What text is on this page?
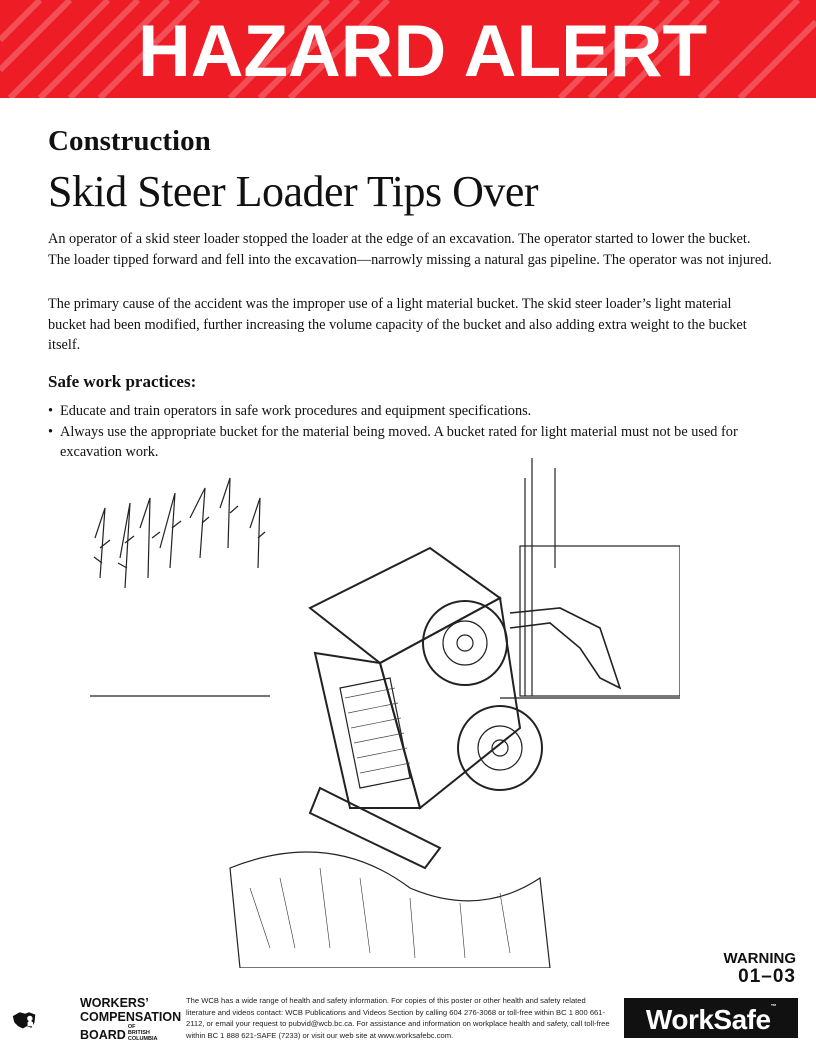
HAZARD ALERT
Construction
Skid Steer Loader Tips Over

An operator of a skid steer loader stopped the loader at the edge of an excavation. The operator started to lower the bucket. The loader tipped forward and fell into the excavation—narrowly missing a natural gas pipeline. The operator was not injured.

The primary cause of the accident was the improper use of a light material bucket. The skid steer loader’s light material bucket had been modified, further increasing the volume capacity of the bucket and also adding extra weight to the bucket itself.

Safe work practices:
• Educate and train operators in safe work procedures and equipment specifications.
• Always use the appropriate bucket for the material being moved. A bucket rated for light material must not be used for excavation work.
WARNING
01–03
WORKERS’
COMPENSATION
BOARDOF BRITISH COLUMBIA
The WCB has a wide range of health and safety information. For copies of this poster or other health and safety related literature and videos contact: WCB Publications and Videos Section by calling 604 276-3068 or toll-free within BC 1 800 661-2112, or email your request to pubvid@wcb.bc.ca. For assistance and information on workplace health and safety, call toll-free within BC 1 888 621-SAFE (7233) or visit our web site at www.worksafebc.com.	WorkSafe™
